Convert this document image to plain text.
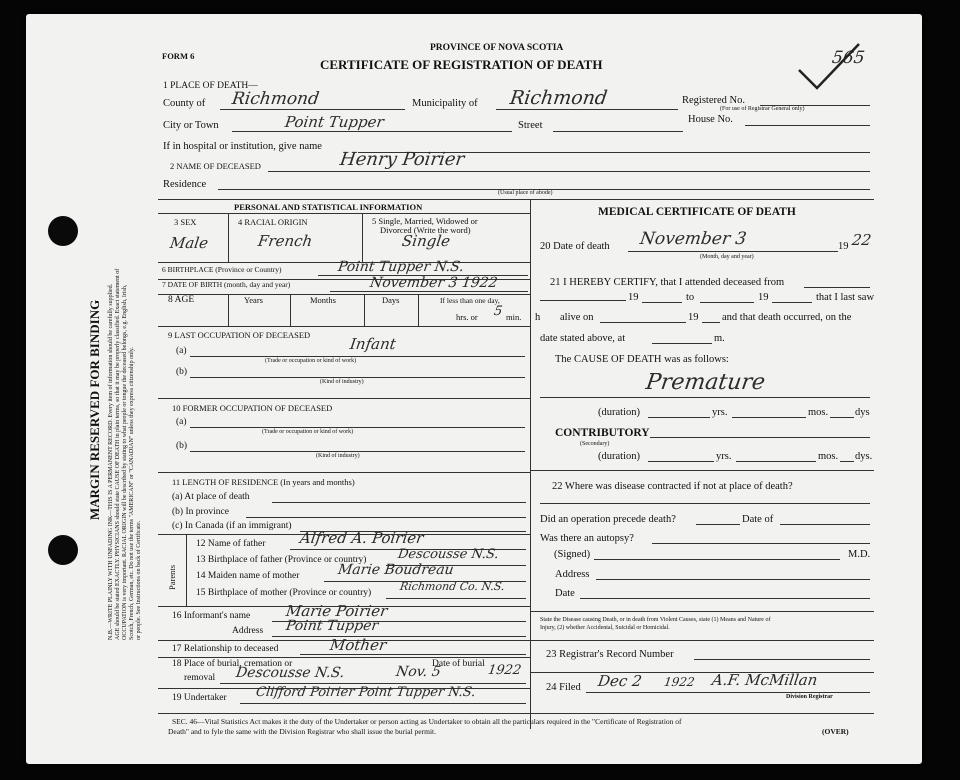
MARGIN RESERVED FOR BINDING N.B.—WRITE PLAINLY WITH UNFADING INK—THIS IS A PERMANENT RECORD. Every item of information should be carefully supplied. AGE should be stated EXACTLY. PHYSICIANS should state CAUSE OF DEATH in plain terms, so that it may be properly classified. Exact statement of OCCUPATION is very important. RACIAL ORIGIN will be described by stating to what people or tongue the deceased belongs, e.g. English, Irish, Scotch, French, German, etc. Do not use the terms "AMERICAN" or "CANADIAN" unless they express citizenship only. or people. See Instructions on back of Certificate.
FORM 6
PROVINCE OF NOVA SCOTIA
CERTIFICATE OF REGISTRATION OF DEATH	565
1 PLACE OF DEATH—
County of Richmond	Municipality of Richmond	Registered No.
(For use of Registrar General only)
City or Town	Point Tupper	Street
House No.
If in hospital or institution, give name
2 NAME OF DECEASED	Henry Poirier
Residence
(Usual place of abode)
PERSONAL AND STATISTICAL INFORMATION	MEDICAL CERTIFICATE OF DEATH
3 SEX	4 RACIAL ORIGIN	5 Single, Married, Widowed or
Divorced (Write the word)
Male	French	Single
6 BIRTHPLACE (Province or Country)	Point Tupper N.S.
7 DATE OF BIRTH (month, day and year)	November 3 1922
8 AGE	Years	Months	Days	If less than one day,
hrs. or 5 min.
9 LAST OCCUPATION OF DECEASED
(a)	Infant
(Trade or occupation or kind of work)
(b)
(Kind of industry)
10 FORMER OCCUPATION OF DECEASED
(a)
(Trade or occupation or kind of work)
(b)
(Kind of industry)
11 LENGTH OF RESIDENCE (In years and months)
(a) At place of death
(b) In province
(c) In Canada (if an immigrant)
Parents
12 Name of father Alfred A. Poirier
13 Birthplace of father (Province or country) Descousse N.S.
14 Maiden name of mother	Marie Boudreau
15 Birthplace of mother (Province or country)	Richmond Co. N.S.
16 Informant's name Marie Poirier
Address Point Tupper
17 Relationship to deceased	Mother
18 Place of burial, cremation or	Date of burial
removal Descousse N.S.	Nov. 5	1922
19 Undertaker Clifford Poirier Point Tupper N.S.
20 Date of death November 3	19 22
(Month, day and year)
21 I HEREBY CERTIFY, that I attended deceased from
19	to	19	that I last saw
h alive on	19 and that death occurred, on the
date stated above, at	m.
The CAUSE OF DEATH was as follows:
Premature
(duration)	yrs.	mos.	dys
CONTRIBUTORY
(Secondary)
(duration)	yrs.	mos. dys.
22 Where was disease contracted if not at place of death?
Did an operation precede death?	Date of
Was there an autopsy?
(Signed)	M.D.
Address
Date
State the Disease causing Death, or in death from Violent Causes, state (1) Means and Nature of
Injury, (2) whether Accidental, Suicidal or Homicidal.
23 Registrar's Record Number
24 Filed Dec 2 1922 A.F. McMillan
Division Registrar
SEC. 46—Vital Statistics Act makes it the duty of the Undertaker or person acting as Undertaker to obtain all the particulars required in the "Certificate of Registration of
Death" and to fyle the same with the Division Registrar who shall issue the burial permit.	(OVER)
